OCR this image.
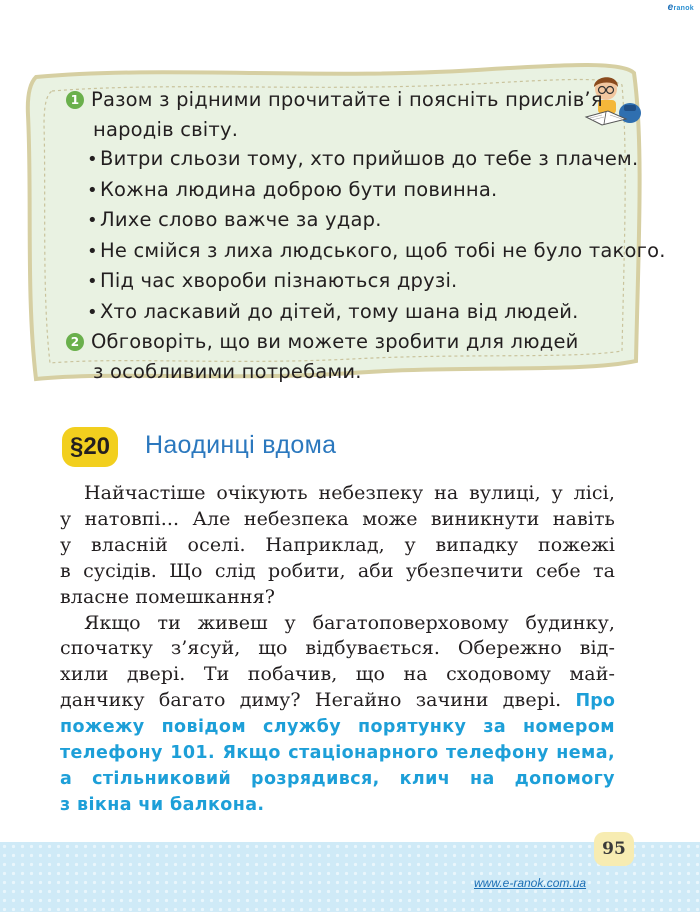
eranok
1 Разом з рідними прочитайте і поясніть прислів’я
народів світу.
• Витри сльози тому, хто прийшов до тебе з плачем.
• Кожна людина доброю бути повинна.
• Лихе слово важче за удар.
• Не смійся з лиха людського, щоб тобі не було такого.
• Під час хвороби пізнаються друзі.
• Хто ласкавий до дітей, тому шана від людей.
2 Обговоріть, що ви можете зробити для людей
з особливими потребами.
§20	Наодинці вдома
Найчастіше очікують небезпеку на вулиці, у лісі,
у натовпі... Але небезпека може виникнути навіть
у власній оселі. Наприклад, у випадку пожежі
в сусідів. Що слід робити, аби убезпечити себе та
власне помешкання?
Якщо ти живеш у багатоповерховому будинку,
спочатку з’ясуй, що відбувається. Обережно від-
хили двері. Ти побачив, що на сходовому май-
данчику багато диму? Негайно зачини двері. Про
пожежу повідом службу порятунку за номером
телефону 101. Якщо стаціонарного телефону нема,
а стільниковий розрядився, клич на допомогу
з вікна чи балкона.
95
www.e-ranok.com.ua
